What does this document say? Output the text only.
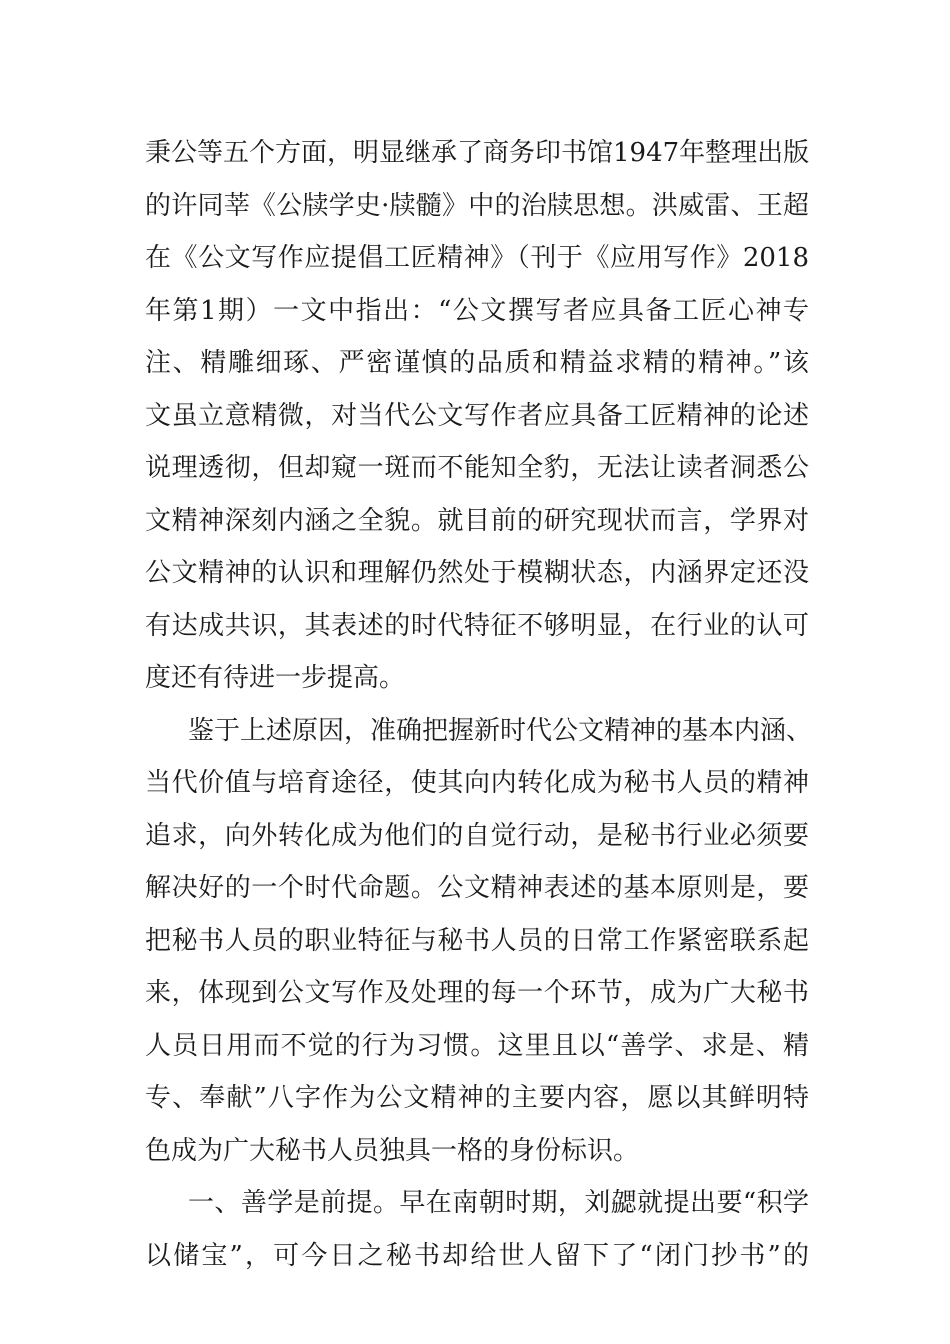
秉公等五个方面，明显继承了商务印书馆1947年整理出版
的许同莘《公牍学史·牍髓》中的治牍思想。洪威雷、王超
在《公文写作应提倡工匠精神》（刊于《应用写作》2018
年第1期）一文中指出：“公文撰写者应具备工匠心神专
注、精雕细琢、严密谨慎的品质和精益求精的精神。”该
文虽立意精微，对当代公文写作者应具备工匠精神的论述
说理透彻，但却窥一斑而不能知全豹，无法让读者洞悉公
文精神深刻内涵之全貌。就目前的研究现状而言，学界对
公文精神的认识和理解仍然处于模糊状态，内涵界定还没
有达成共识，其表述的时代特征不够明显，在行业的认可
度还有待进一步提高。
鉴于上述原因，准确把握新时代公文精神的基本内涵、
当代价值与培育途径，使其向内转化成为秘书人员的精神
追求，向外转化成为他们的自觉行动，是秘书行业必须要
解决好的一个时代命题。公文精神表述的基本原则是，要
把秘书人员的职业特征与秘书人员的日常工作紧密联系起
来，体现到公文写作及处理的每一个环节，成为广大秘书
人员日用而不觉的行为习惯。这里且以“善学、求是、精
专、奉献”八字作为公文精神的主要内容，愿以其鲜明特
色成为广大秘书人员独具一格的身份标识。
一、善学是前提。早在南朝时期，刘勰就提出要“积学
以储宝”，可今日之秘书却给世人留下了“闭门抄书”的
